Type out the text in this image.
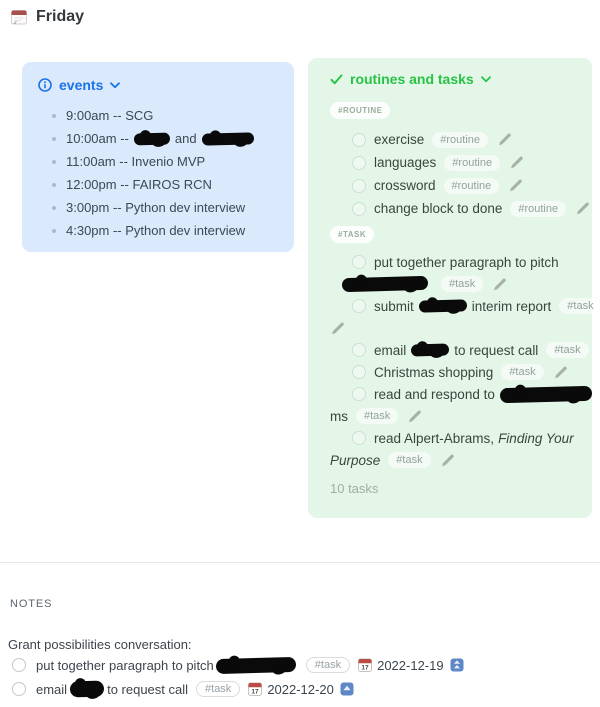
Friday
events
9:00am -- SCG
10:00am --	and
11:00am -- Invenio MVP
12:00pm -- FAIROS RCN
3:00pm -- Python dev interview
4:30pm -- Python dev interview
routines and tasks
#ROUTINE
exercise	#routine
languages	#routine
crossword	#routine
change block to done	#routine
#TASK
put together paragraph to pitch
#task
submit	interim report	#task
email	to request call	#task
Christmas shopping	#task
read and respond to
ms	#task
read Alpert-Abrams, Finding Your
Purpose	#task
10 tasks
NOTES
Grant possibilities conversation:
put together paragraph to pitch	#task	17 2022-12-19
email	to request call	#task	17 2022-12-20
